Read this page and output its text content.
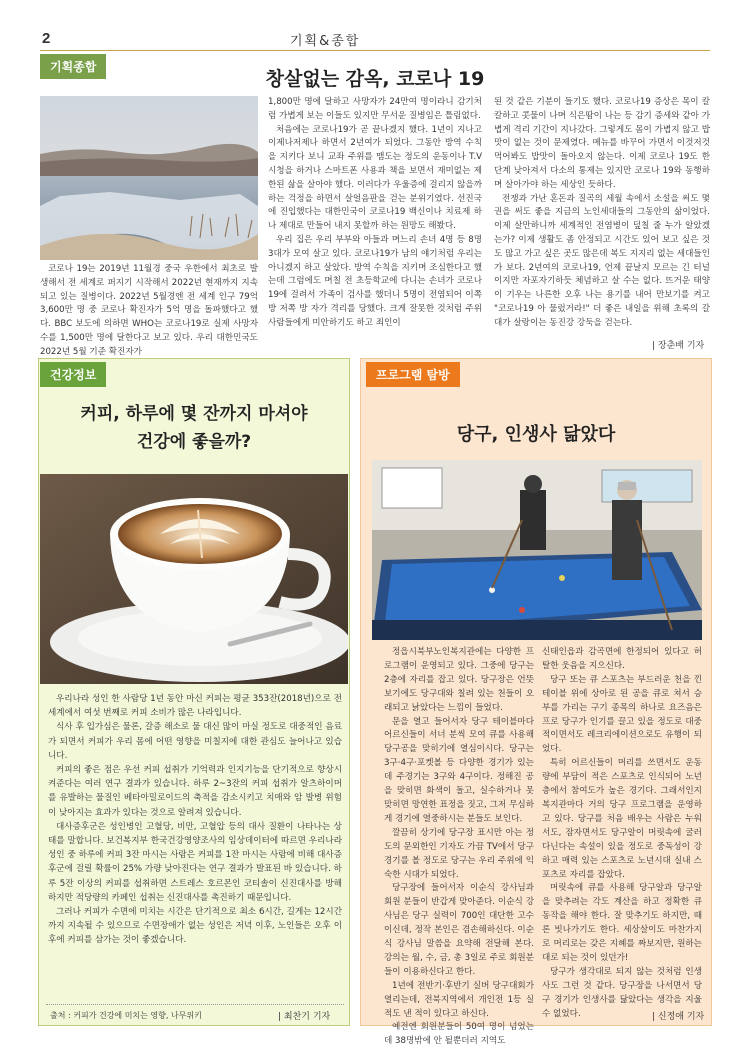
2	기획&종합
기획종합
창살없는 감옥, 코로나 19

코로나 19는 2019년 11월경 중국 우한에서 최초로 발생해서 전 세계로 퍼지기 시작해서 2022년 현재까지 지속되고 있는 질병이다. 2022년 5월경엔 전 세계 인구 79억 3,600만 명 중 코로나 확진자가 5억 명을 돌파했다고 했다. BBC 보도에 의하면 WHO는 코로나19로 실제 사망자 수를 1,500만 명에 달한다고 보고 있다. 우리 대한민국도 2022년 5월 기준 확진자가

1,800만 명에 달하고 사망자가 24만여 명이라니 감기처럼 가볍게 보는 이들도 있지만 무서운 질병임은 틀림없다.

처음에는 코로나19가 곧 끝나겠지 했다. 1년이 지나고 이제나저제나 하면서 2년여가 되었다. 그동안 방역 수칙을 지키다 보니 교좌 주위를 맴도는 정도의 운동이나 T.V 시청을 하거나 스마트폰 사용과 책을 보면서 재미없는 제한된 삶을 살아야 했다. 이러다가 우울증에 걸리지 않을까 하는 걱정을 하면서 살얼음판을 걷는 분위기였다. 선진국에 진입했다는 대한민국이 코로나19 백신이나 치료제 하나 제대로 만들어 내지 못할까 하는 원망도 해봤다.

우리 집은 우리 부부와 아들과 며느리 손녀 4명 등 8명 3대가 모여 살고 있다. 코로나19가 남의 얘기처럼 우리는 아니겠지 하고 살았다. 방역 수칙을 지키며 조심한다고 했는데 그럼에도 며칠 전 초등학교에 다니는 손녀가 코로나 19에 걸려서 가족이 검사를 했더니 5명이 전염되어 이쪽 방 저쪽 방 자가 격리를 당했다. 크게 잘못한 것처럼 주위 사람들에게 미안하기도 하고 죄인이

된 것 같은 기분이 들기도 했다. 코로나19 증상은 목이 칼칼하고 콧물이 나며 식은땀이 나는 등 감기 증세와 같아 가볍게 격리 기간이 지나갔다. 그렇게도 몸이 가볍지 않고 밥맛이 없는 것이 문제였다. 메뉴를 바꾸어 가면서 이것저것 먹어봐도 밥맛이 돌아오지 않는다. 이제 코로나 19도 한 단계 낮아져서 다소의 통제는 있지만 코로나 19와 동행하며 살아가야 하는 세상인 듯하다.

전쟁과 가난 혼돈과 질곡의 세월 속에서 소설을 써도 몇 권을 써도 좋을 지금의 노인세대들의 그동안의 삶이었다. 이제 살만하니까 세계적인 전염병이 덮칠 줄 누가 알았겠는가? 이제 생활도 좀 안정되고 시간도 있어 보고 싶은 것도 많고 가고 싶은 곳도 많은데 복도 지지리 없는 세대들인가 보다. 2년여의 코로나19, 언제 끝날지 모르는 긴 터널이지만 자포자기하듯 체념하고 살 수는 없다. 뜨거운 태양이 기우는 나른한 오후 나는 용기를 내어 만보기를 켜고 "코로나19 아 물렀거라!" 더 좋은 내일을 위해 초록의 갈대가 살랑이는 동진강 강둑을 걷는다.

| 장춘배 기자
건강정보
커피, 하루에 몇 잔까지 마셔야
건강에 좋을까?

우리나라 성인 한 사람당 1년 동안 마신 커피는 평균 353잔(2018년)으로 전 세계에서 여섯 번째로 커피 소비가 많은 나라입니다.

식사 후 입가심은 물론, 갈증 해소로 물 대신 많이 마실 정도로 대중적인 음료가 되면서 커피가 우리 몸에 어떤 영향을 미칠지에 대한 관심도 늘어나고 있습니다.

커피의 좋은 점은 우선 커피 섭취가 기억력과 인지기능을 단기적으로 향상시켜준다는 여러 연구 결과가 있습니다. 하루 2~3잔의 커피 섭취가 알츠하이머를 유발하는 물질인 베타아밀로이드의 축적을 감소시키고 치매와 암 발병 위험이 낮아지는 효과가 있다는 것으로 알려져 있습니다.

대사증후군은 성인병인 고혈당, 비만, 고혈압 등의 대사 질환이 나타나는 상태를 말합니다. 보건복지부 한국건강영양조사의 임상데이터에 따르면 우리나라 성인 중 하루에 커피 3잔 마시는 사람은 커피를 1잔 마시는 사람에 비해 대사증후군에 걸릴 확률이 25% 가량 낮아진다는 연구 결과가 발표된 바 있습니다. 하루 5잔 이상의 커피를 섭취하면 스트레스 호르몬인 코티솔이 신진대사를 방해하지만 적당량의 카페인 섭취는 신진대사를 촉진하기 때문입니다.

그러나 커피가 수면에 미치는 시간은 단기적으로 최소 6시간, 길게는 12시간 까지 지속될 수 있으므로 수면장애가 없는 성인은 저녁 이후, 노인들은 오후 이후에 커피를 삼가는 것이 좋겠습니다.

출처 : 커피가 건강에 미치는 영향, 나무위키	| 최찬기 기자
프로그램 탐방
당구, 인생사 닮았다

정읍시북부노인복지관에는 다양한 프로그램이 운영되고 있다. 그중에 당구는 2층에 자리를 잡고 있다. 당구장은 언뜻 보기에도 당구대와 칠려 있는 천들이 오래되고 낡았다는 느낌이 들었다.

문을 열고 들어서자 당구 테이블마다 어르신들이 서너 분씩 모여 큐를 사용해 당구공을 맞히기에 열심이시다. 당구는 3구·4구·포켓볼 등 다양한 경기가 있는데 주경기는 3구와 4구이다. 정해진 공을 맞히면 화색이 돌고, 실수하거나 못 맞히면 망연한 표정을 짓고, 그저 무심하게 경기에 열중하시는 분들도 보인다.

깔끔히 상기에 당구장 표시만 아는 정도의 문외한인 기자도 가끔 TV에서 당구 경기를 볼 정도로 당구는 우리 주위에 익숙한 시대가 되었다.

당구장에 들어서자 이순식 강사님과 회원 분들이 반갑게 맞아준다. 이순식 강사님은 당구 실력이 700인 대단한 고수이신데, 정작 본인은 겸손해하신다. 이순식 강사님 말씀을 요약해 전달해 본다. 강의는 월, 수, 금, 총 3일로 주로 회원분들이 이용하신다고 한다.

1년에 전반기·후반기 실버 당구대회가 열리는데, 전북지역에서 개인전 1등 실적도 낸 적이 있다고 하신다.

예전엔 회원분들이 50여 명이 넘었는데 38명밖에 안 될뿐더러 지역도

신태인읍과 감곡면에 한정되어 있다고 허탈한 웃음을 지으신다.

당구 또는 큐 스포츠는 부드러운 천을 낀 테이블 위에 상아로 된 공을 큐로 쳐서 승부를 가리는 구기 종목의 하나로 요즈음은 프로 당구가 인기를 끌고 있을 정도로 대중적이면서도 레크리에이션으로도 유행이 되었다.

특히 어르신들이 머리를 쓰면서도 운동량에 부담이 적은 스포츠로 인식되어 노년층에서 참여도가 높은 경기다. 그래서인지 복지관마다 거의 당구 프로그램을 운영하고 있다. 당구를 처음 배우는 사람은 누워서도, 잠자면서도 당구알이 머릿속에 굴러다닌다는 속설이 있을 정도로 중독성이 강하고 매력 있는 스포츠로 노년시대 실내 스포츠로 자리를 잡았다.

머릿속에 큐를 사용해 당구알과 당구알을 맞추려는 각도 계산을 하고 정확한 큐 동작을 해야 한다. 잘 맞추기도 하지만, 때론 빗나가기도 한다. 세상살이도 마찬가지로 머리로는 갖은 지혜를 짜보지만, 원하는 대로 되는 것이 있던가!

당구가 생각대로 되지 않는 것처럼 인생사도 그런 것 같다. 당구장을 나서면서 당구 경기가 인생사를 닮았다는 생각을 지울 수 없었다.	| 신정애 기자
